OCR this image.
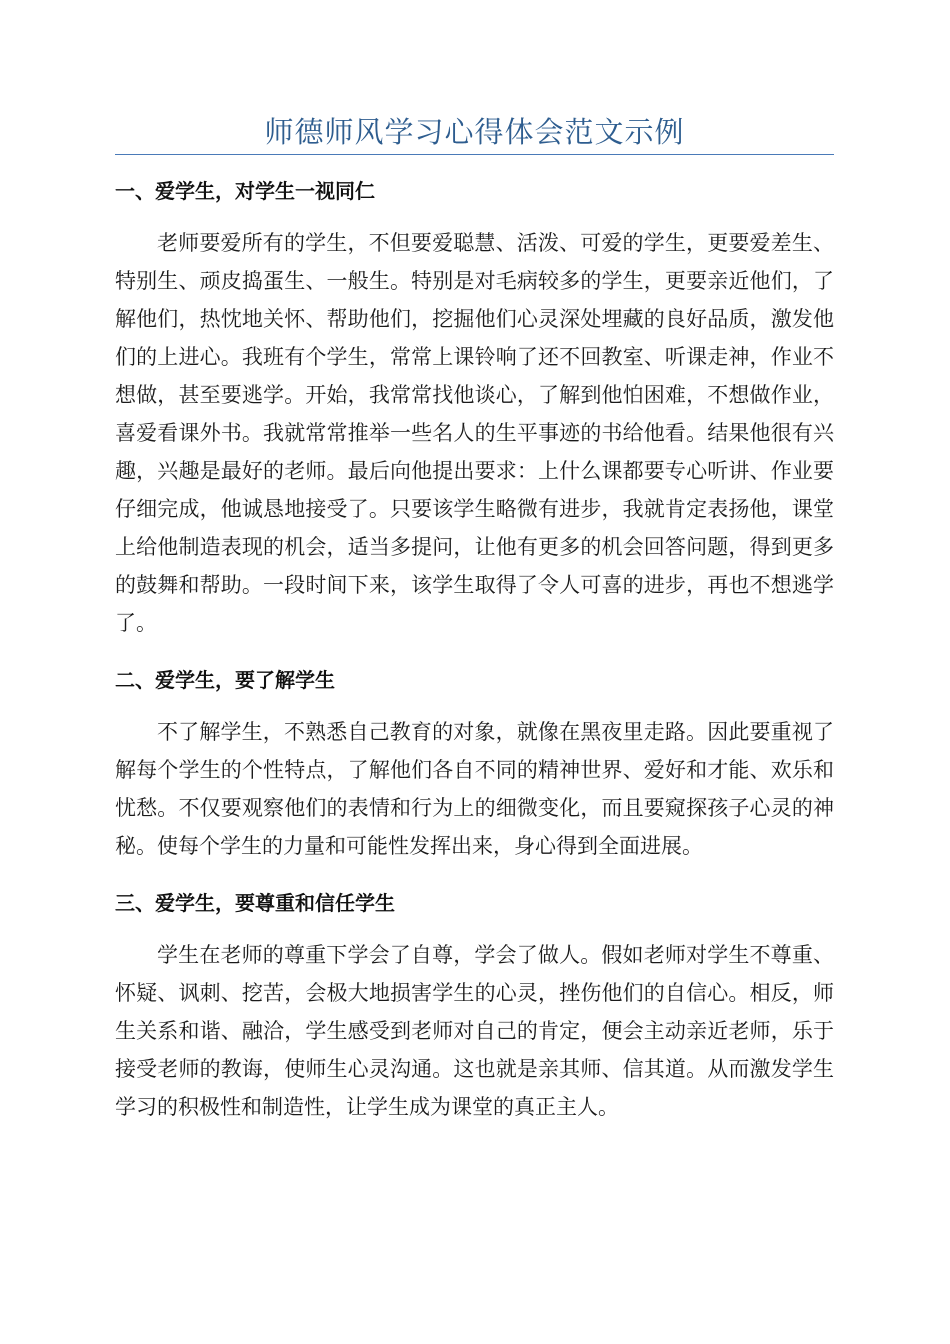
师德师风学习心得体会范文示例
一、爱学生，对学生一视同仁

老师要爱所有的学生，不但要爱聪慧、活泼、可爱的学生，更要爱差生、特别生、顽皮捣蛋生、一般生。特别是对毛病较多的学生，更要亲近他们，了解他们，热忱地关怀、帮助他们，挖掘他们心灵深处埋藏的良好品质，激发他们的上进心。我班有个学生，常常上课铃响了还不回教室、听课走神，作业不想做，甚至要逃学。开始，我常常找他谈心，了解到他怕困难，不想做作业，喜爱看课外书。我就常常推举一些名人的生平事迹的书给他看。结果他很有兴趣，兴趣是最好的老师。最后向他提出要求：上什么课都要专心听讲、作业要仔细完成，他诚恳地接受了。只要该学生略微有进步，我就肯定表扬他，课堂上给他制造表现的机会，适当多提问，让他有更多的机会回答问题，得到更多的鼓舞和帮助。一段时间下来，该学生取得了令人可喜的进步，再也不想逃学了。

二、爱学生，要了解学生

不了解学生，不熟悉自己教育的对象，就像在黑夜里走路。因此要重视了解每个学生的个性特点，了解他们各自不同的精神世界、爱好和才能、欢乐和忧愁。不仅要观察他们的表情和行为上的细微变化，而且要窥探孩子心灵的神秘。使每个学生的力量和可能性发挥出来，身心得到全面进展。

三、爱学生，要尊重和信任学生

学生在老师的尊重下学会了自尊，学会了做人。假如老师对学生不尊重、怀疑、讽刺、挖苦，会极大地损害学生的心灵，挫伤他们的自信心。相反，师生关系和谐、融洽，学生感受到老师对自己的肯定，便会主动亲近老师，乐于接受老师的教诲，使师生心灵沟通。这也就是亲其师、信其道。从而激发学生学习的积极性和制造性，让学生成为课堂的真正主人。
